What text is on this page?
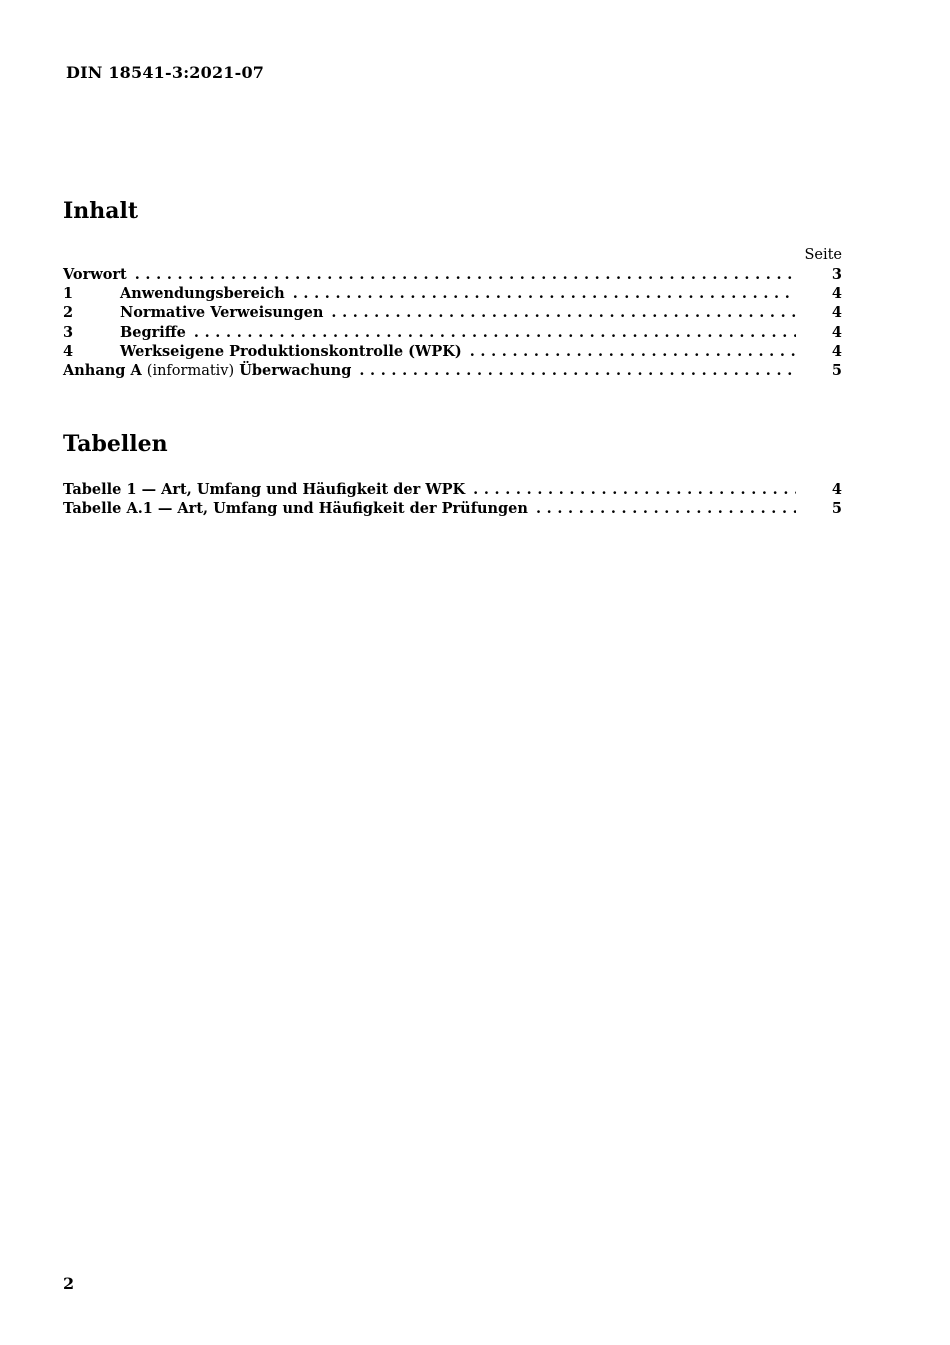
DIN 18541-3:2021-07
Inhalt
Seite
Vorwort . . .	3
1	Anwendungsbereich . . .	4
2	Normative Verweisungen . . .	4
3	Begriffe . . .	4
4	Werkseigene Produktionskontrolle (WPK) . . .	4
Anhang A (informativ) Überwachung . . .	5
Tabellen
Tabelle 1 — Art, Umfang und Häufigkeit der WPK . . .	4
Tabelle A.1 — Art, Umfang und Häufigkeit der Prüfungen . . .	5
2
